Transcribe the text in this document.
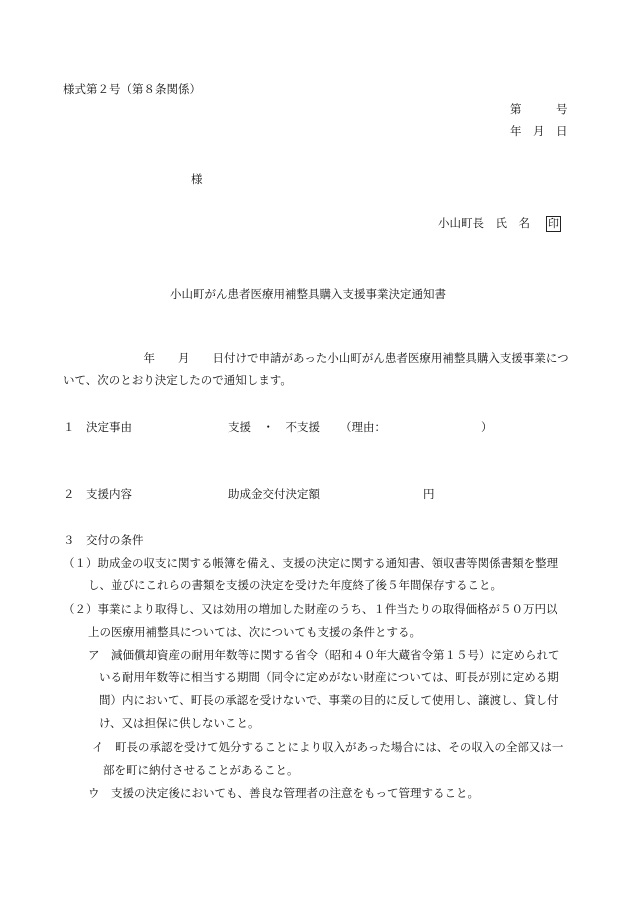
様式第２号（第８条関係）
第　　　号
年　月　日
様
小山町長　氏　名 印
小山町がん患者医療用補整具購入支援事業決定通知書
　　　　　　　年　　月　　日付けで申請があった小山町がん患者医療用補整具購入支援事業につ
いて、次のとおり決定したので通知します。
１　決定事由	支援　・　不支援 （理由：	）
２　支援内容	助成金交付決定額	円
３　交付の条件
（１）助成金の収支に関する帳簿を備え、支援の決定に関する通知書、領収書等関係書類を整理
し、並びにこれらの書類を支援の決定を受けた年度終了後５年間保存すること。
（２）事業により取得し、又は効用の増加した財産のうち、１件当たりの取得価格が５０万円以
上の医療用補整具については、次についても支援の条件とする。
ア　減価償却資産の耐用年数等に関する省令（昭和４０年大蔵省令第１５号）に定められて
いる耐用年数等に相当する期間（同令に定めがない財産については、町長が別に定める期
間）内において、町長の承認を受けないで、事業の目的に反して使用し、譲渡し、貸し付
け、又は担保に供しないこと。
イ　町長の承認を受けて処分することにより収入があった場合には、その収入の全部又は一
部を町に納付させることがあること。
ウ　支援の決定後においても、善良な管理者の注意をもって管理すること。
